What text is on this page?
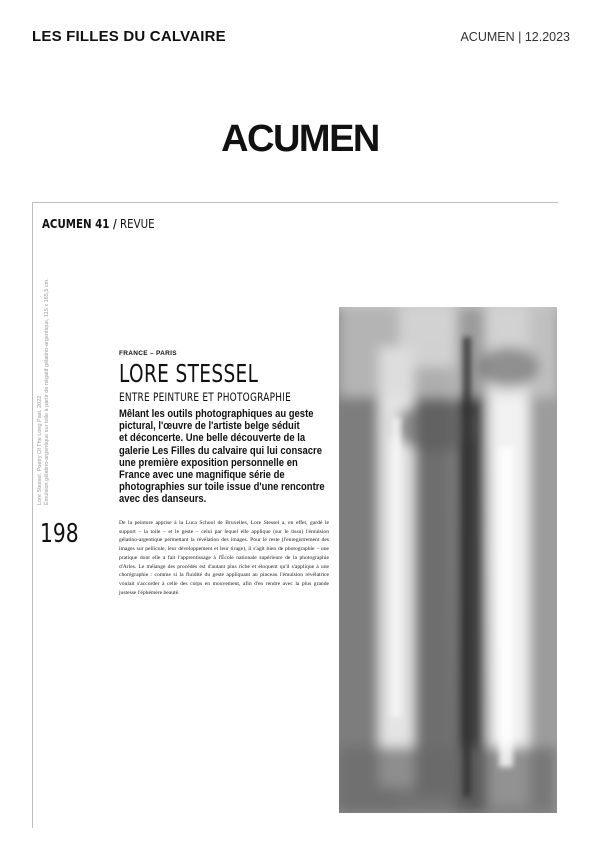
LES FILLES DU CALVAIRE	ACUMEN | 12.2023
ACUMEN
ACUMEN 41 / REVUE
Lore Stessel, Poetry Of The Long Past, 2022. Émulsion gélatino-argentique sur toile à partir de négatif gélatino-argentique, 115 x 165,5 cm.
198
FRANCE – PARIS
LORE STESSEL
ENTRE PEINTURE ET PHOTOGRAPHIE
Mêlant les outils photographiques au geste
pictural, l'œuvre de l'artiste belge séduit
et déconcerte. Une belle découverte de la
galerie Les Filles du calvaire qui lui consacre
une première exposition personnelle en
France avec une magnifique série de
photographies sur toile issue d'une rencontre
avec des danseurs.
De la peinture apprise à la Luca School de Bruxelles, Lore Stessel a, en effet, gardé le support – la toile – et le geste – celui par lequel elle applique (sur le tissu) l'émulsion gélatino-argentique permettant la révélation des images. Pour le reste (l'enregistrement des images sur pellicule, leur développement et leur tirage), il s'agit bien de photographie – une pratique dont elle a fait l'apprentissage à l'École nationale supérieure de la photographie d'Arles. Le mélange des procédés est d'autant plus riche et éloquent qu'il s'applique à une chorégraphie : comme si la fluidité du geste appliquant au pinceau l'émulsion révélatrice voulait s'accorder à celle des corps en mouvement, afin d'en rendre avec la plus grande justesse l'éphémère beauté.
